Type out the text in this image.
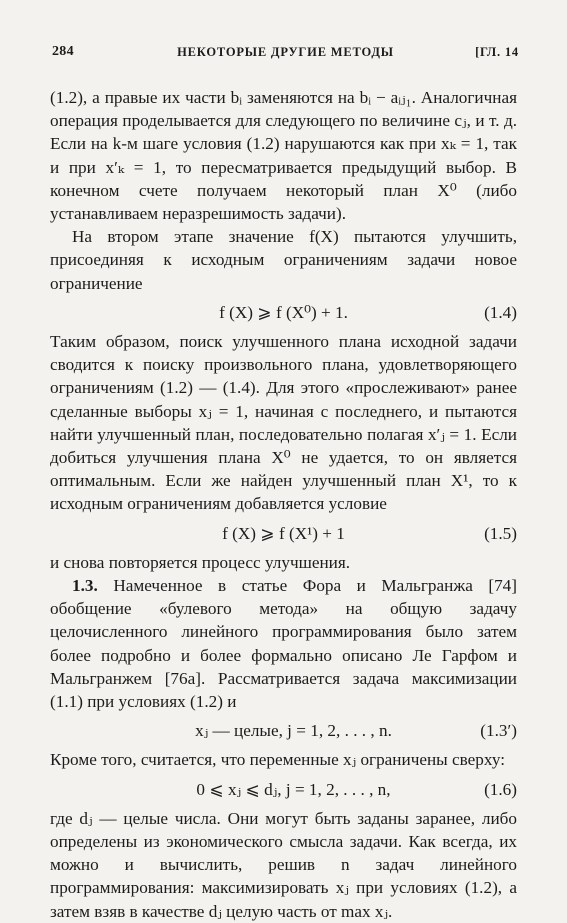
284	НЕКОТОРЫЕ ДРУГИЕ МЕТОДЫ	[ГЛ. 14

(1.2), а правые их части bᵢ заменяются на bᵢ − aᵢⱼ₁. Аналогичная операция проделывается для следующего по величине cⱼ, и т. д. Если на k-м шаге условия (1.2) нарушаются как при xₖ = 1, так и при x′ₖ = 1, то пересматривается предыдущий выбор. В конечном счете получаем некоторый план X⁰ (либо устанавливаем неразрешимость задачи).

На втором этапе значение f(X) пытаются улучшить, присоединяя к исходным ограничениям задачи новое ограничение

f (X) ⩾ f (X⁰) + 1.	(1.4)

Таким образом, поиск улучшенного плана исходной задачи сводится к поиску произвольного плана, удовлетворяющего ограничениям (1.2) — (1.4). Для этого «прослеживают» ранее сделанные выборы xⱼ = 1, начиная с последнего, и пытаются найти улучшенный план, последовательно полагая x′ⱼ = 1. Если добиться улучшения плана X⁰ не удается, то он является оптимальным. Если же найден улучшенный план X¹, то к исходным ограничениям добавляется условие

f (X) ⩾ f (X¹) + 1	(1.5)

и снова повторяется процесс улучшения.

1.3. Намеченное в статье Фора и Мальгранжа [74] обобщение «булевого метода» на общую задачу целочисленного линейного программирования было затем более подробно и более формально описано Ле Гарфом и Мальгранжем [76а]. Рассматривается задача максимизации (1.1) при условиях (1.2) и

xⱼ — целые, j = 1, 2, . . . , n.	(1.3′)

Кроме того, считается, что переменные xⱼ ограничены сверху:

0 ⩽ xⱼ ⩽ dⱼ, j = 1, 2, . . . , n,	(1.6)

где dⱼ — целые числа. Они могут быть заданы заранее, либо определены из экономического смысла задачи. Как всегда, их можно и вычислить, решив n задач линейного программирования: максимизировать xⱼ при условиях (1.2), а затем взяв в качестве dⱼ целую часть от max xⱼ.
